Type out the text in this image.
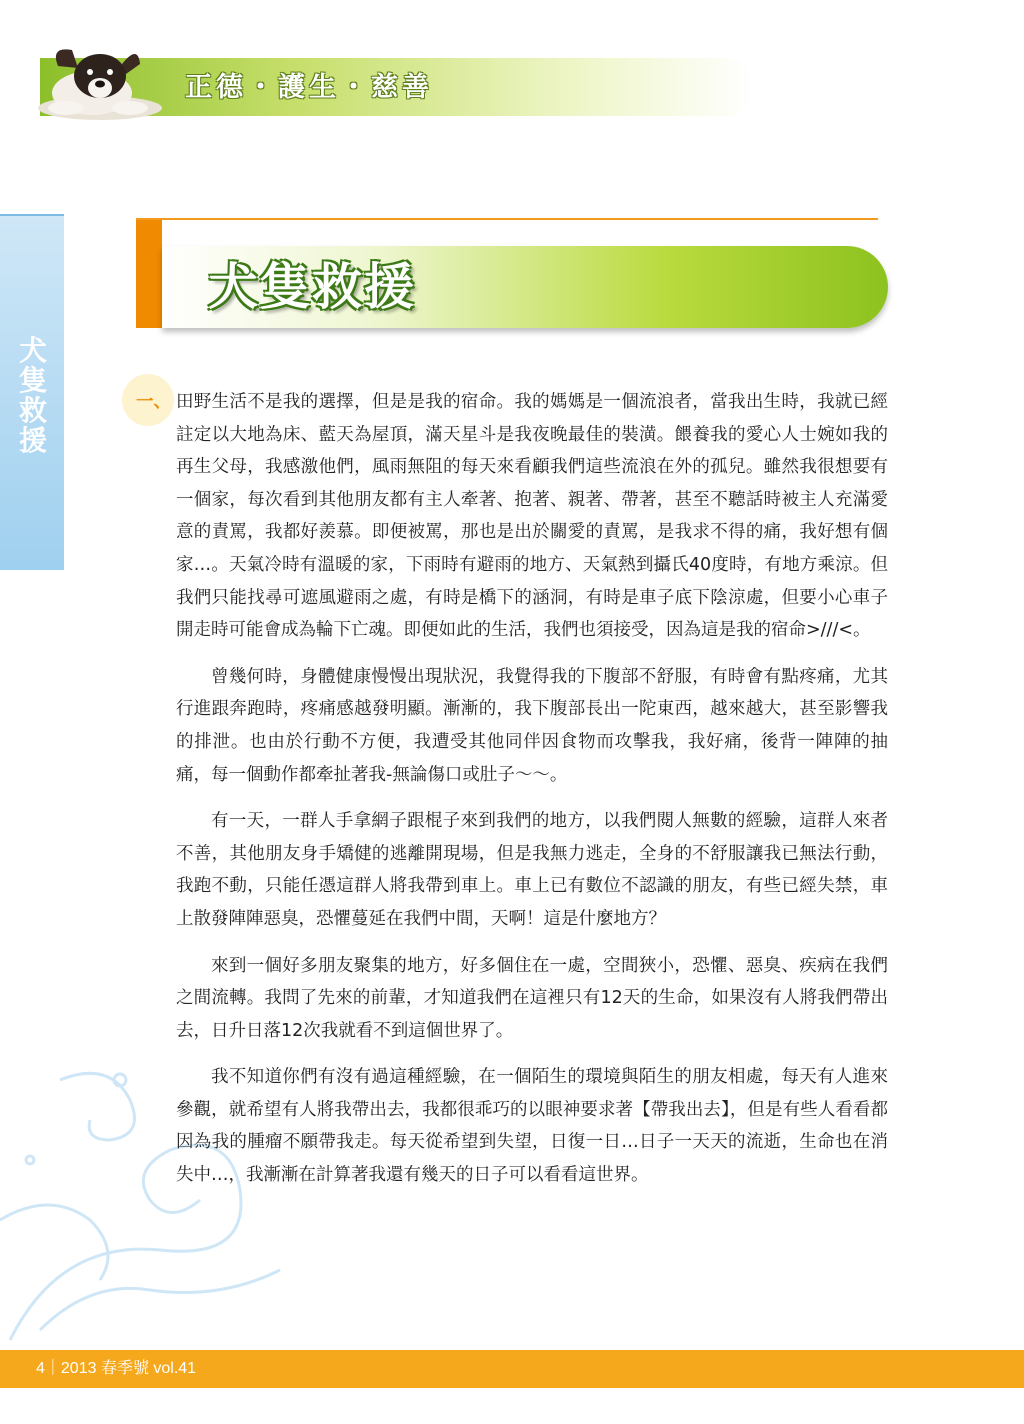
正德・護生・慈善
犬隻救援
犬隻救援
一、 田野生活不是我的選擇，但是是我的宿命。我的媽媽是一個流浪者，當我出生時，我就已經註定以大地為床、藍天為屋頂，滿天星斗是我夜晚最佳的裝潢。餵養我的愛心人士婉如我的再生父母，我感激他們，風雨無阻的每天來看顧我們這些流浪在外的孤兒。雖然我很想要有一個家，每次看到其他朋友都有主人牽著、抱著、親著、帶著，甚至不聽話時被主人充滿愛意的責罵，我都好羨慕。即便被罵，那也是出於關愛的責罵，是我求不得的痛，我好想有個家…。天氣冷時有溫暖的家，下雨時有避雨的地方、天氣熱到攝氏40度時，有地方乘涼。但我們只能找尋可遮風避雨之處，有時是橋下的涵洞，有時是車子底下陰涼處，但要小心車子開走時可能會成為輪下亡魂。即便如此的生活，我們也須接受，因為這是我的宿命>///<。

曾幾何時，身體健康慢慢出現狀況，我覺得我的下腹部不舒服，有時會有點疼痛，尤其行進跟奔跑時，疼痛感越發明顯。漸漸的，我下腹部長出一陀東西，越來越大，甚至影響我的排泄。也由於行動不方便，我遭受其他同伴因食物而攻擊我，我好痛，後背一陣陣的抽痛，每一個動作都牽扯著我-無論傷口或肚子～～。

有一天，一群人手拿網子跟棍子來到我們的地方，以我們閱人無數的經驗，這群人來者不善，其他朋友身手矯健的逃離開現場，但是我無力逃走，全身的不舒服讓我已無法行動，我跑不動，只能任憑這群人將我帶到車上。車上已有數位不認識的朋友，有些已經失禁，車上散發陣陣惡臭，恐懼蔓延在我們中間，天啊！這是什麼地方？

來到一個好多朋友聚集的地方，好多個住在一處，空間狹小，恐懼、惡臭、疾病在我們之間流轉。我問了先來的前輩，才知道我們在這裡只有12天的生命，如果沒有人將我們帶出去，日升日落12次我就看不到這個世界了。

我不知道你們有沒有過這種經驗，在一個陌生的環境與陌生的朋友相處，每天有人進來參觀，就希望有人將我帶出去，我都很乖巧的以眼神要求著【帶我出去】，但是有些人看看都因為我的腫瘤不願帶我走。每天從希望到失望，日復一日…日子一天天的流逝，生命也在消失中…，我漸漸在計算著我還有幾天的日子可以看看這世界。

4｜2013 春季號 vol.41
